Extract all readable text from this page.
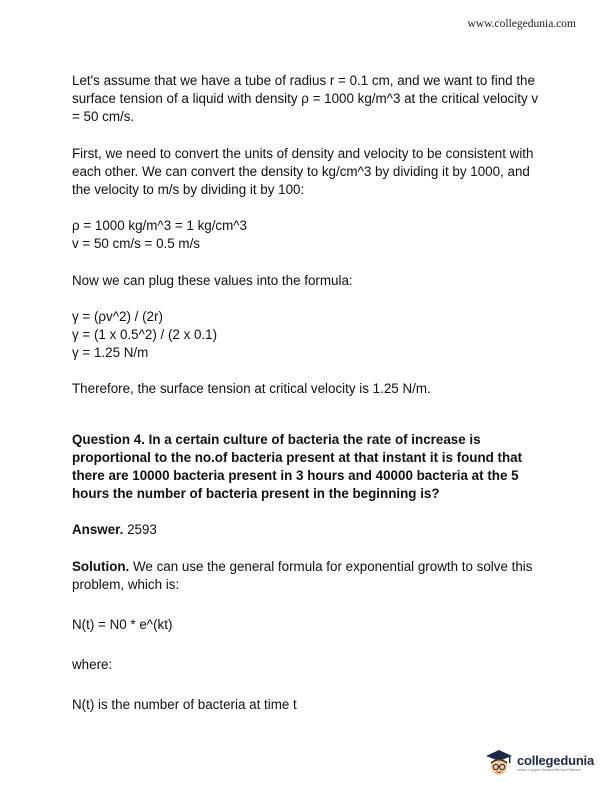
www.collegedunia.com

Let's assume that we have a tube of radius r = 0.1 cm, and we want to find the surface tension of a liquid with density ρ = 1000 kg/m^3 at the critical velocity v = 50 cm/s.

First, we need to convert the units of density and velocity to be consistent with each other. We can convert the density to kg/cm^3 by dividing it by 1000, and the velocity to m/s by dividing it by 100:

ρ = 1000 kg/m^3 = 1 kg/cm^3
v = 50 cm/s = 0.5 m/s

Now we can plug these values into the formula:

γ = (ρv^2) / (2r)
γ = (1 x 0.5^2) / (2 x 0.1)
γ = 1.25 N/m

Therefore, the surface tension at critical velocity is 1.25 N/m.

Question 4. In a certain culture of bacteria the rate of increase is proportional to the no.of bacteria present at that instant it is found that there are 10000 bacteria present in 3 hours and 40000 bacteria at the 5 hours the number of bacteria present in the beginning is?

Answer. 2593

Solution. We can use the general formula for exponential growth to solve this problem, which is:

N(t) = N0 * e^(kt)

where:

N(t) is the number of bacteria at time t

collegedunia
India's Largest Student Review Platform
